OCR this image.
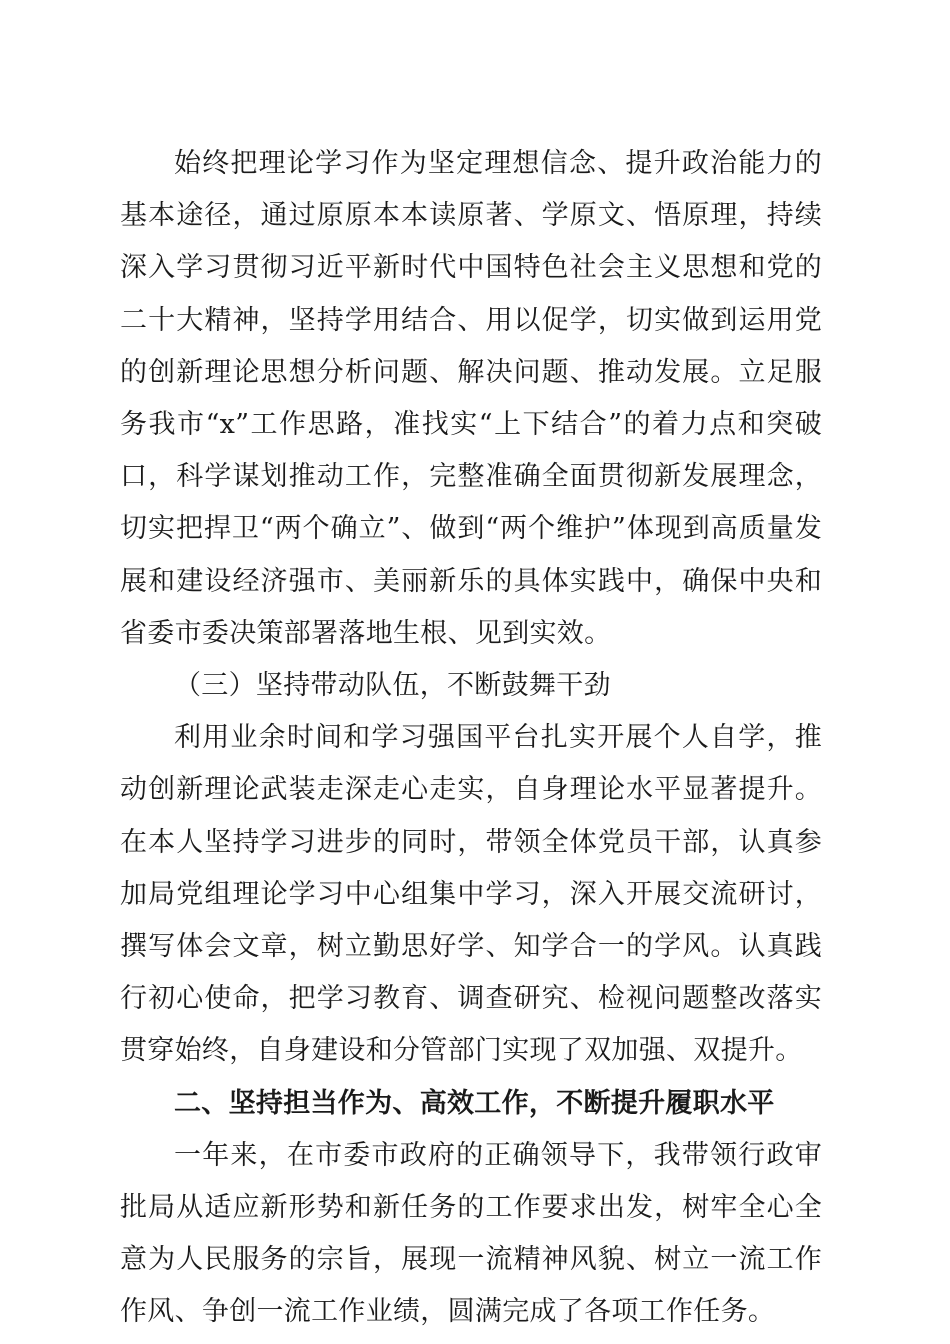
始终把理论学习作为坚定理想信念、提升政治能力的基本途径，通过原原本本读原著、学原文、悟原理，持续深入学习贯彻习近平新时代中国特色社会主义思想和党的二十大精神，坚持学用结合、用以促学，切实做到运用党的创新理论思想分析问题、解决问题、推动发展。立足服务我市“x”工作思路，准找实“上下结合”的着力点和突破口，科学谋划推动工作，完整准确全面贯彻新发展理念，切实把捍卫“两个确立”、做到“两个维护”体现到高质量发展和建设经济强市、美丽新乐的具体实践中，确保中央和省委市委决策部署落地生根、见到实效。

（三）坚持带动队伍，不断鼓舞干劲

利用业余时间和学习强国平台扎实开展个人自学，推动创新理论武装走深走心走实，自身理论水平显著提升。在本人坚持学习进步的同时，带领全体党员干部，认真参加局党组理论学习中心组集中学习，深入开展交流研讨，撰写体会文章，树立勤思好学、知学合一的学风。认真践行初心使命，把学习教育、调查研究、检视问题整改落实贯穿始终，自身建设和分管部门实现了双加强、双提升。

二、坚持担当作为、高效工作，不断提升履职水平

一年来，在市委市政府的正确领导下，我带领行政审批局从适应新形势和新任务的工作要求出发，树牢全心全意为人民服务的宗旨，展现一流精神风貌、树立一流工作作风、争创一流工作业绩，圆满完成了各项工作任务。
